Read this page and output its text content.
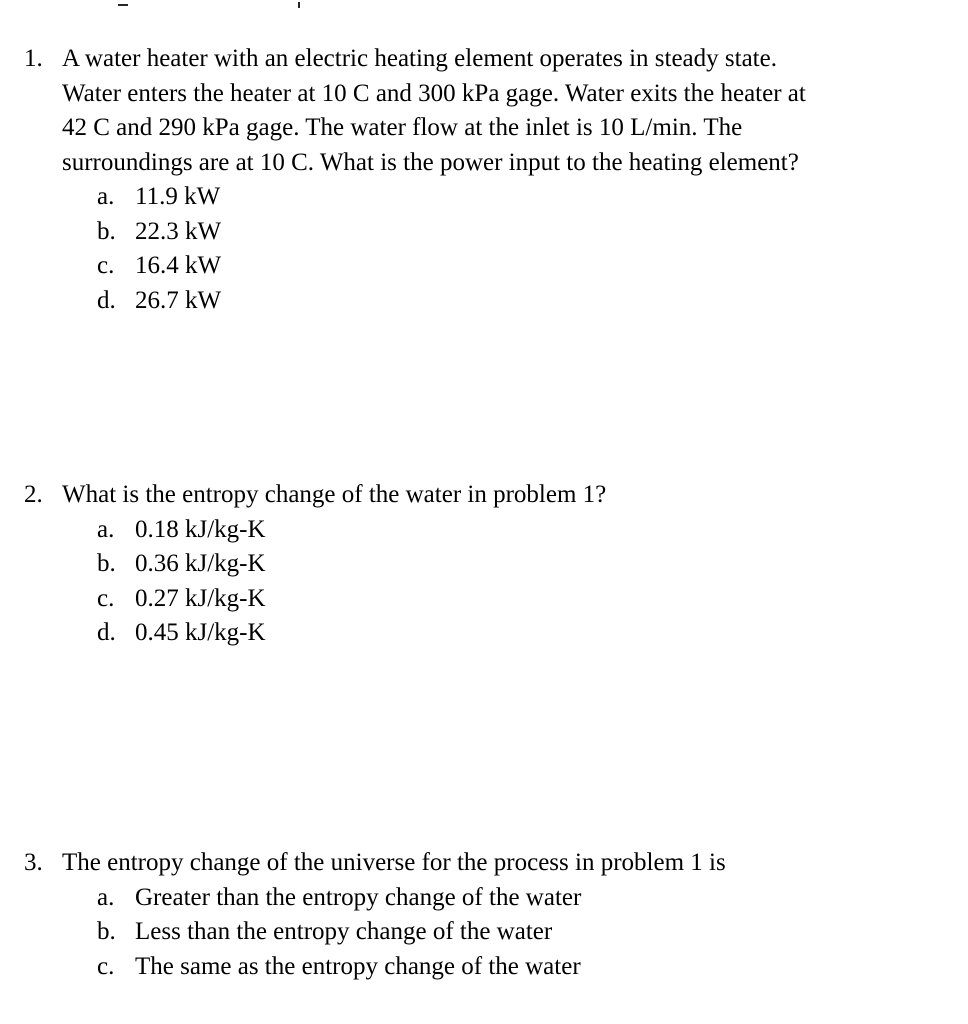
1. A water heater with an electric heating element operates in steady state.
Water enters the heater at 10 C and 300 kPa gage. Water exits the heater at
42 C and 290 kPa gage. The water flow at the inlet is 10 L/min. The
surroundings are at 10 C. What is the power input to the heating element?
a. 11.9 kW
b. 22.3 kW
c. 16.4 kW
d. 26.7 kW
2. What is the entropy change of the water in problem 1?
a. 0.18 kJ/kg-K
b. 0.36 kJ/kg-K
c. 0.27 kJ/kg-K
d. 0.45 kJ/kg-K
3. The entropy change of the universe for the process in problem 1 is
a. Greater than the entropy change of the water
b. Less than the entropy change of the water
c. The same as the entropy change of the water
